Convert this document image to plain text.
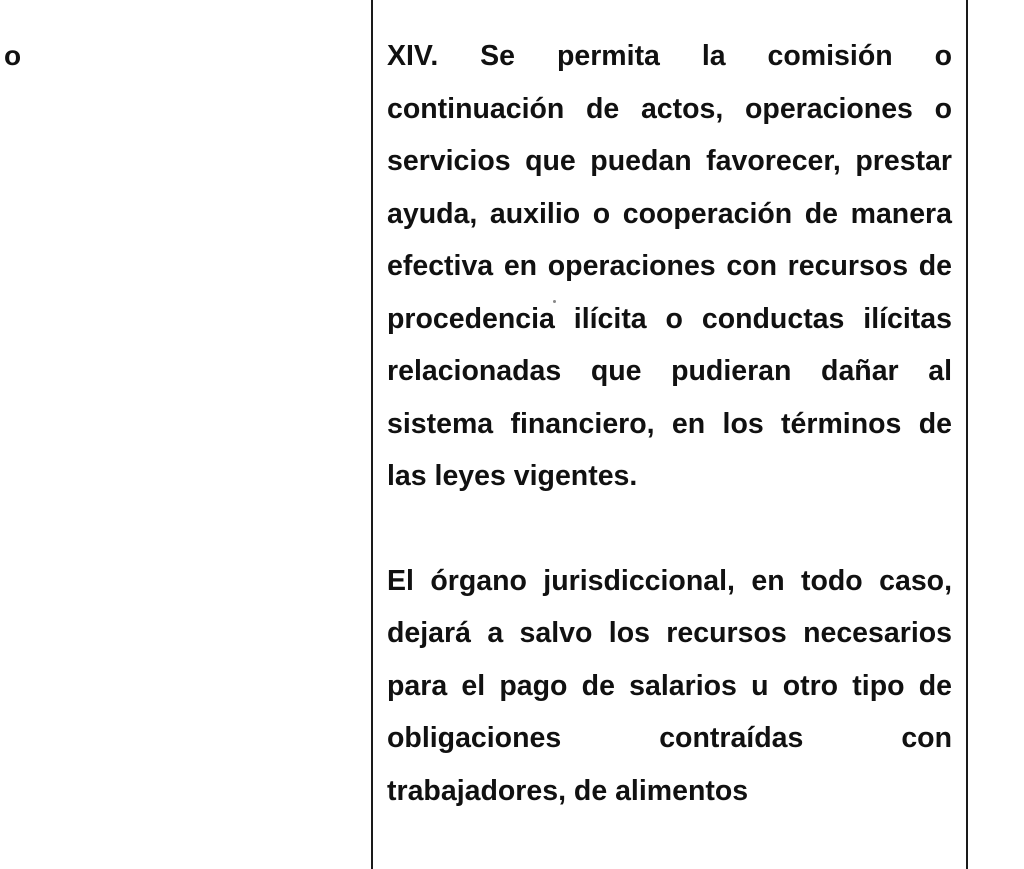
o	XIV. Se permita la comisión o continuación de actos, operaciones o servicios que puedan favorecer, prestar ayuda, auxilio o cooperación de manera efectiva en operaciones con recursos de procedencia ilícita o conductas ilícitas relacionadas que pudieran dañar al sistema financiero, en los términos de las leyes vigentes.

El órgano jurisdiccional, en todo caso, dejará a salvo los recursos necesarios para el pago de salarios u otro tipo de obligaciones contraídas con trabajadores, de alimentos
